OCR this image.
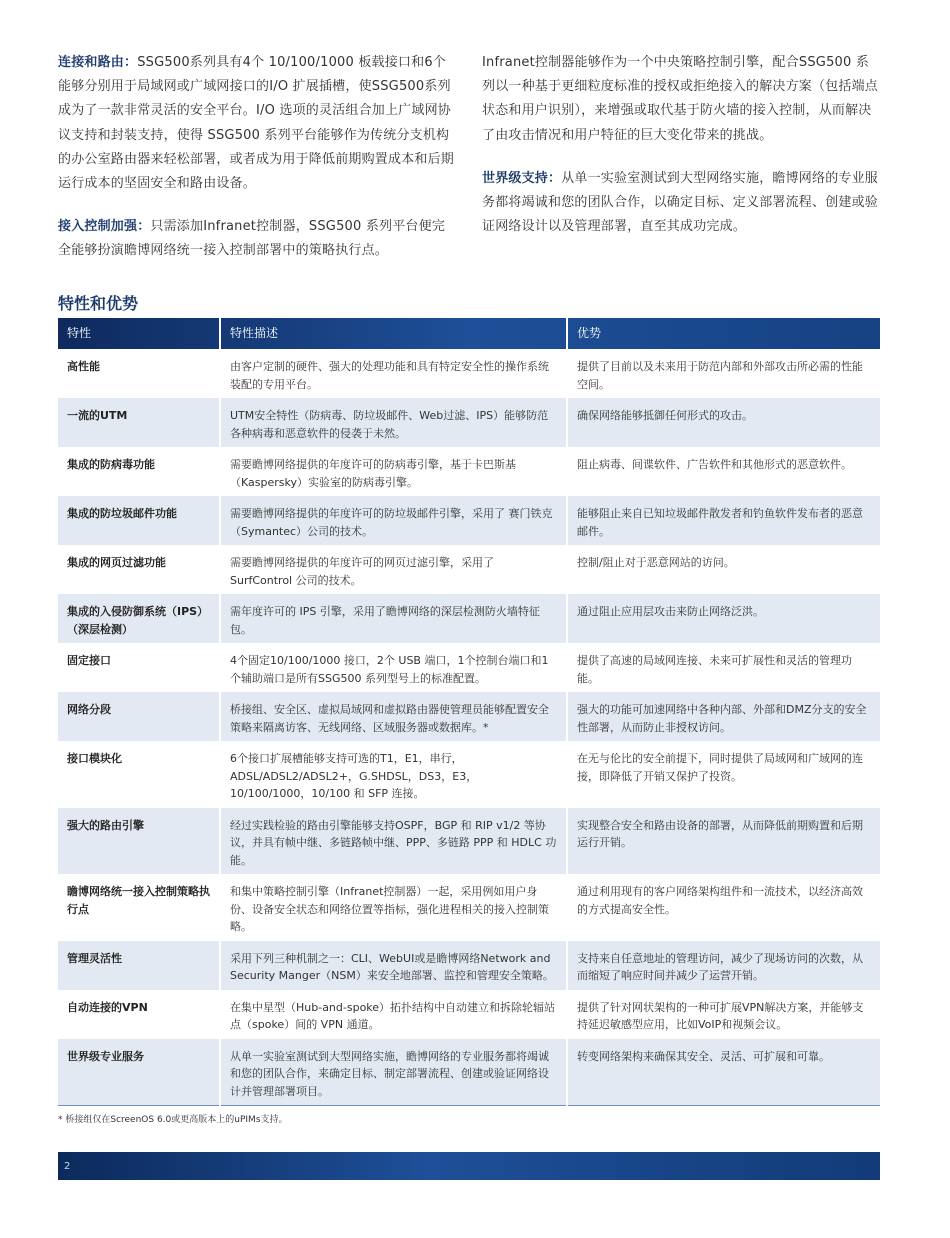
连接和路由：SSG500系列具有4个 10/100/1000 板载接口和6个能够分别用于局域网或广域网接口的I/O 扩展插槽，使SSG500系列成为了一款非常灵活的安全平台。I/O 选项的灵活组合加上广域网协议支持和封装支持，使得 SSG500 系列平台能够作为传统分支机构的办公室路由器来轻松部署，或者成为用于降低前期购置成本和后期运行成本的坚固安全和路由设备。

接入控制加强：只需添加Infranet控制器，SSG500 系列平台便完全能够扮演瞻博网络统一接入控制部署中的策略执行点。

Infranet控制器能够作为一个中央策略控制引擎，配合SSG500 系列以一种基于更细粒度标准的授权或拒绝接入的解决方案（包括端点状态和用户识别），来增强或取代基于防火墙的接入控制，从而解决了由攻击情况和用户特征的巨大变化带来的挑战。

世界级支持：从单一实验室测试到大型网络实施，瞻博网络的专业服务都将竭诚和您的团队合作，以确定目标、定义部署流程、创建或验证网络设计以及管理部署，直至其成功完成。

特性和优势
特性	特性描述	优势
高性能	由客户定制的硬件、强大的处理功能和具有特定安全性的操作系统装配的专用平台。	提供了目前以及未来用于防范内部和外部攻击所必需的性能空间。
一流的UTM	UTM安全特性（防病毒、防垃圾邮件、Web过滤、IPS）能够防范各种病毒和恶意软件的侵袭于未然。	确保网络能够抵御任何形式的攻击。
集成的防病毒功能	需要瞻博网络提供的年度许可的防病毒引擎，基于卡巴斯基（Kaspersky）实验室的防病毒引擎。	阻止病毒、间谍软件、广告软件和其他形式的恶意软件。
集成的防垃圾邮件功能	需要瞻博网络提供的年度许可的防垃圾邮件引擎，采用了 赛门铁克（Symantec）公司的技术。	能够阻止来自已知垃圾邮件散发者和钓鱼软件发布者的恶意邮件。
集成的网页过滤功能	需要瞻博网络提供的年度许可的网页过滤引擎，采用了 SurfControl 公司的技术。	控制/阻止对于恶意网站的访问。
集成的入侵防御系统（IPS）（深层检测）	需年度许可的 IPS 引擎，采用了瞻博网络的深层检测防火墙特征包。	通过阻止应用层攻击来防止网络泛洪。
固定接口	4个固定10/100/1000 接口，2个 USB 端口，1个控制台端口和1个辅助端口是所有SSG500 系列型号上的标准配置。	提供了高速的局域网连接、未来可扩展性和灵活的管理功能。
网络分段	桥接组、安全区、虚拟局域网和虚拟路由器使管理员能够配置安全策略来隔离访客、无线网络、区域服务器或数据库。*	强大的功能可加速网络中各种内部、外部和DMZ分支的安全性部署，从而防止非授权访问。
接口模块化	6个接口扩展槽能够支持可选的T1，E1，串行，ADSL/ADSL2/ADSL2+，G.SHDSL，DS3，E3，10/100/1000，10/100 和 SFP 连接。	在无与伦比的安全前提下，同时提供了局域网和广域网的连接，即降低了开销又保护了投资。
强大的路由引擎	经过实践检验的路由引擎能够支持OSPF，BGP 和 RIP v1/2 等协议，并具有帧中继、多链路帧中继、PPP、多链路 PPP 和 HDLC 功能。	实现整合安全和路由设备的部署，从而降低前期购置和后期运行开销。
瞻博网络统一接入控制策略执行点	和集中策略控制引擎（Infranet控制器）一起，采用例如用户身份、设备安全状态和网络位置等指标，强化进程相关的接入控制策略。	通过利用现有的客户网络架构组件和一流技术，以经济高效的方式提高安全性。
管理灵活性	采用下列三种机制之一：CLI、WebUI或是瞻博网络Network and Security Manger（NSM）来安全地部署、监控和管理安全策略。	支持来自任意地址的管理访问，减少了现场访问的次数，从而缩短了响应时间并减少了运营开销。
自动连接的VPN	在集中星型（Hub-and-spoke）拓扑结构中自动建立和拆除轮辐站点（spoke）间的 VPN 通道。	提供了针对网状架构的一种可扩展VPN解决方案，并能够支持延迟敏感型应用，比如VoIP和视频会议。
世界级专业服务	从单一实验室测试到大型网络实施，瞻博网络的专业服务都将竭诚和您的团队合作，来确定目标、制定部署流程、创建或验证网络设计并管理部署项目。	转变网络架构来确保其安全、灵活、可扩展和可靠。
* 桥接组仅在ScreenOS 6.0或更高版本上的uPIMs支持。
2
